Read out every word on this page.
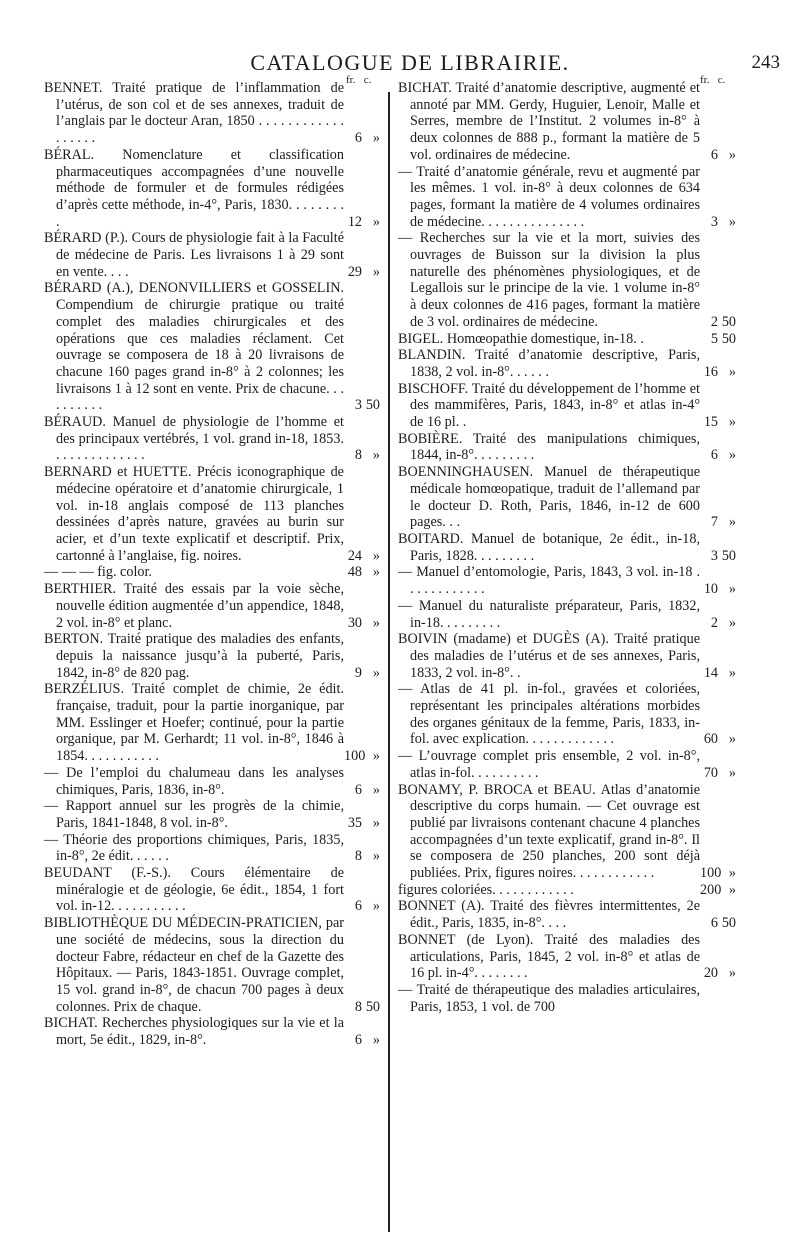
CATALOGUE DE LIBRAIRIE.	243
fr. c.
BENNET. Traité pratique de l’inflammation de l’utérus, de son col et de ses annexes, traduit de l’anglais par le docteur Aran, 1850 . . . . . . . . . . . . . . . . . .	6 »
BÉRAL. Nomenclature et classification pharmaceutiques accompagnées d’une nouvelle méthode de formuler et de formules rédigées d’après cette méthode, in-4°, Paris, 1830. . . . . . . . .	12 »
BÉRARD (P.). Cours de physiologie fait à la Faculté de médecine de Paris. Les livraisons 1 à 29 sont en vente. . . .	29 »
BÉRARD (A.), DENONVILLIERS et GOSSELIN. Compendium de chirurgie pratique ou traité complet des maladies chirurgicales et des opérations que ces maladies réclament. Cet ouvrage se composera de 18 à 20 livraisons de chacune 160 pages grand in-8° à 2 colonnes; les livraisons 1 à 12 sont en vente. Prix de chacune. . . . . . . . . .	3 50
BÉRAUD. Manuel de physiologie de l’homme et des principaux vertébrés, 1 vol. grand in-18, 1853. . . . . . . . . . . . . .	8 »
BERNARD et HUETTE. Précis iconographique de médecine opératoire et d’anatomie chirurgicale, 1 vol. in-18 anglais composé de 113 planches dessinées d’après nature, gravées au burin sur acier, et d’un texte explicatif et descriptif. Prix, cartonné à l’anglaise, fig. noires.	24 »
— — — fig. color.	48 »
BERTHIER. Traité des essais par la voie sèche, nouvelle édition augmentée d’un appendice, 1848, 2 vol. in-8° et planc.	30 »
BERTON. Traité pratique des maladies des enfants, depuis la naissance jusqu’à la puberté, Paris, 1842, in-8° de 820 pag.	9 »
BERZÉLIUS. Traité complet de chimie, 2e édit. française, traduit, pour la partie inorganique, par MM. Esslinger et Hoefer; continué, pour la partie organique, par M. Gerhardt; 11 vol. in-8°, 1846 à 1854. . . . . . . . . . .	100 »
— De l’emploi du chalumeau dans les analyses chimiques, Paris, 1836, in-8°.	6 »
— Rapport annuel sur les progrès de la chimie, Paris, 1841-1848, 8 vol. in-8°.	35 »
— Théorie des proportions chimiques, Paris, 1835, in-8°, 2e édit. . . . . .	8 »
BEUDANT (F.-S.). Cours élémentaire de minéralogie et de géologie, 6e édit., 1854, 1 fort vol. in-12. . . . . . . . . . .	6 »
BIBLIOTHÈQUE DU MÉDECIN-PRATICIEN, par une société de médecins, sous la direction du docteur Fabre, rédacteur en chef de la Gazette des Hôpitaux. — Paris, 1843-1851. Ouvrage complet, 15 vol. grand in-8°, de chacun 700 pages à deux colonnes. Prix de chaque.	8 50
BICHAT. Recherches physiologiques sur la vie et la mort, 5e édit., 1829, in-8°.	6 »
fr. c.
BICHAT. Traité d’anatomie descriptive, augmenté et annoté par MM. Gerdy, Huguier, Lenoir, Malle et Serres, membre de l’Institut. 2 volumes in-8° à deux colonnes de 888 p., formant la matière de 5 vol. ordinaires de médecine.	6 »
— Traité d’anatomie générale, revu et augmenté par les mêmes. 1 vol. in-8° à deux colonnes de 634 pages, formant la matière de 4 volumes ordinaires de médecine. . . . . . . . . . . . . . .	3 »
— Recherches sur la vie et la mort, suivies des ouvrages de Buisson sur la division la plus naturelle des phénomènes physiologiques, et de Legallois sur le principe de la vie. 1 volume in-8° à deux colonnes de 416 pages, formant la matière de 3 vol. ordinaires de médecine.	2 50
BIGEL. Homœopathie domestique, in-18. .	5 50
BLANDIN. Traité d’anatomie descriptive, Paris, 1838, 2 vol. in-8°. . . . . .	16 »
BISCHOFF. Traité du développement de l’homme et des mammifères, Paris, 1843, in-8° et atlas in-4° de 16 pl. .	15 »
BOBIÈRE. Traité des manipulations chimiques, 1844, in-8°. . . . . . . . .	6 »
BOENNINGHAUSEN. Manuel de thérapeutique médicale homœopatique, traduit de l’allemand par le docteur D. Roth, Paris, 1846, in-12 de 600 pages. . .	7 »
BOITARD. Manuel de botanique, 2e édit., in-18, Paris, 1828. . . . . . . . .	3 50
— Manuel d’entomologie, Paris, 1843, 3 vol. in-18 . . . . . . . . . . . .	10 »
— Manuel du naturaliste préparateur, Paris, 1832, in-18. . . . . . . . .	2 »
BOIVIN (madame) et DUGÈS (A). Traité pratique des maladies de l’utérus et de ses annexes, Paris, 1833, 2 vol. in-8°. .	14 »
— Atlas de 41 pl. in-fol., gravées et coloriées, représentant les principales altérations morbides des organes génitaux de la femme, Paris, 1833, in-fol. avec explication. . . . . . . . . . . . .	60 »
— L’ouvrage complet pris ensemble, 2 vol. in-8°, atlas in-fol. . . . . . . . . .	70 »
BONAMY, P. BROCA et BEAU. Atlas d’anatomie descriptive du corps humain. — Cet ouvrage est publié par livraisons contenant chacune 4 planches accompagnées d’un texte explicatif, grand in-8°. Il se composera de 250 planches, 200 sont déjà publiées. Prix, figures noires. . . . . . . . . . . .	100 »
figures coloriées. . . . . . . . . . . .	200 »
BONNET (A). Traité des fièvres intermittentes, 2e édit., Paris, 1835, in-8°. . . .	6 50
BONNET (de Lyon). Traité des maladies des articulations, Paris, 1845, 2 vol. in-8° et atlas de 16 pl. in-4°. . . . . . . .	20 »
— Traité de thérapeutique des maladies articulaires, Paris, 1853, 1 vol. de 700
